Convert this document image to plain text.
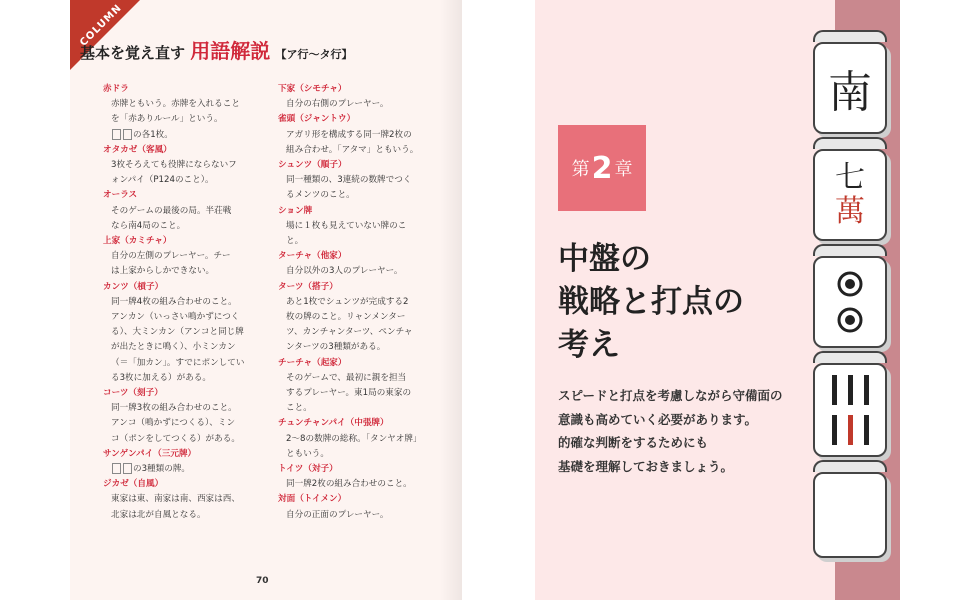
COLUMN
基本を覚え直す 用語解説 【ア行〜タ行】
赤ドラ
赤牌ともいう。赤牌を入れること
を「赤ありルール」という。
の各1枚。
オタカゼ（客風）
3枚そろえても役牌にならないフ
ォンパイ（P124のこと）。
オーラス
そのゲームの最後の局。半荘戦
なら南4局のこと。
上家（カミチャ）
自分の左側のプレーヤー。チー
は上家からしかできない。
カンツ（槓子）
同一牌4枚の組み合わせのこと。
アンカン（いっさい鳴かずにつく
る）、大ミンカン（アンコと同じ牌
が出たときに鳴く）、小ミンカン
（＝「加カン」。すでにポンしてい
る3枚に加える）がある。
コーツ（刻子）
同一牌3枚の組み合わせのこと。
アンコ（鳴かずにつくる）、ミン
コ（ポンをしてつくる）がある。
サンゲンパイ（三元牌）
の3種類の牌。
ジカゼ（自風）
東家は東、南家は南、西家は西、
北家は北が自風となる。
下家（シモチャ）
自分の右側のプレーヤー。
雀頭（ジャントウ）
アガリ形を構成する同一牌2枚の
組み合わせ。「アタマ」ともいう。
シュンツ（順子）
同一種類の、3連続の数牌でつく
るメンツのこと。
ション牌
場に１枚も見えていない牌のこ
と。
ターチャ（他家）
自分以外の3人のプレーヤー。
ターツ（搭子）
あと1枚でシュンツが完成する2
枚の牌のこと。リャンメンター
ツ、カンチャンターツ、ペンチャ
ンターツの3種類がある。
チーチャ（起家）
そのゲームで、最初に親を担当
するプレーヤー。東1局の東家の
こと。
チュンチャンパイ（中張牌）
2〜8の数牌の総称。「タンヤオ牌」
ともいう。
トイツ（対子）
同一牌2枚の組み合わせのこと。
対面（トイメン）
自分の正面のプレーヤー。
70
第 2 章
中盤の
戦略と打点の
考え
スピードと打点を考慮しながら守備面の
意識も高めていく必要があります。
的確な判断をするためにも
基礎を理解しておきましょう。
南
七
萬
